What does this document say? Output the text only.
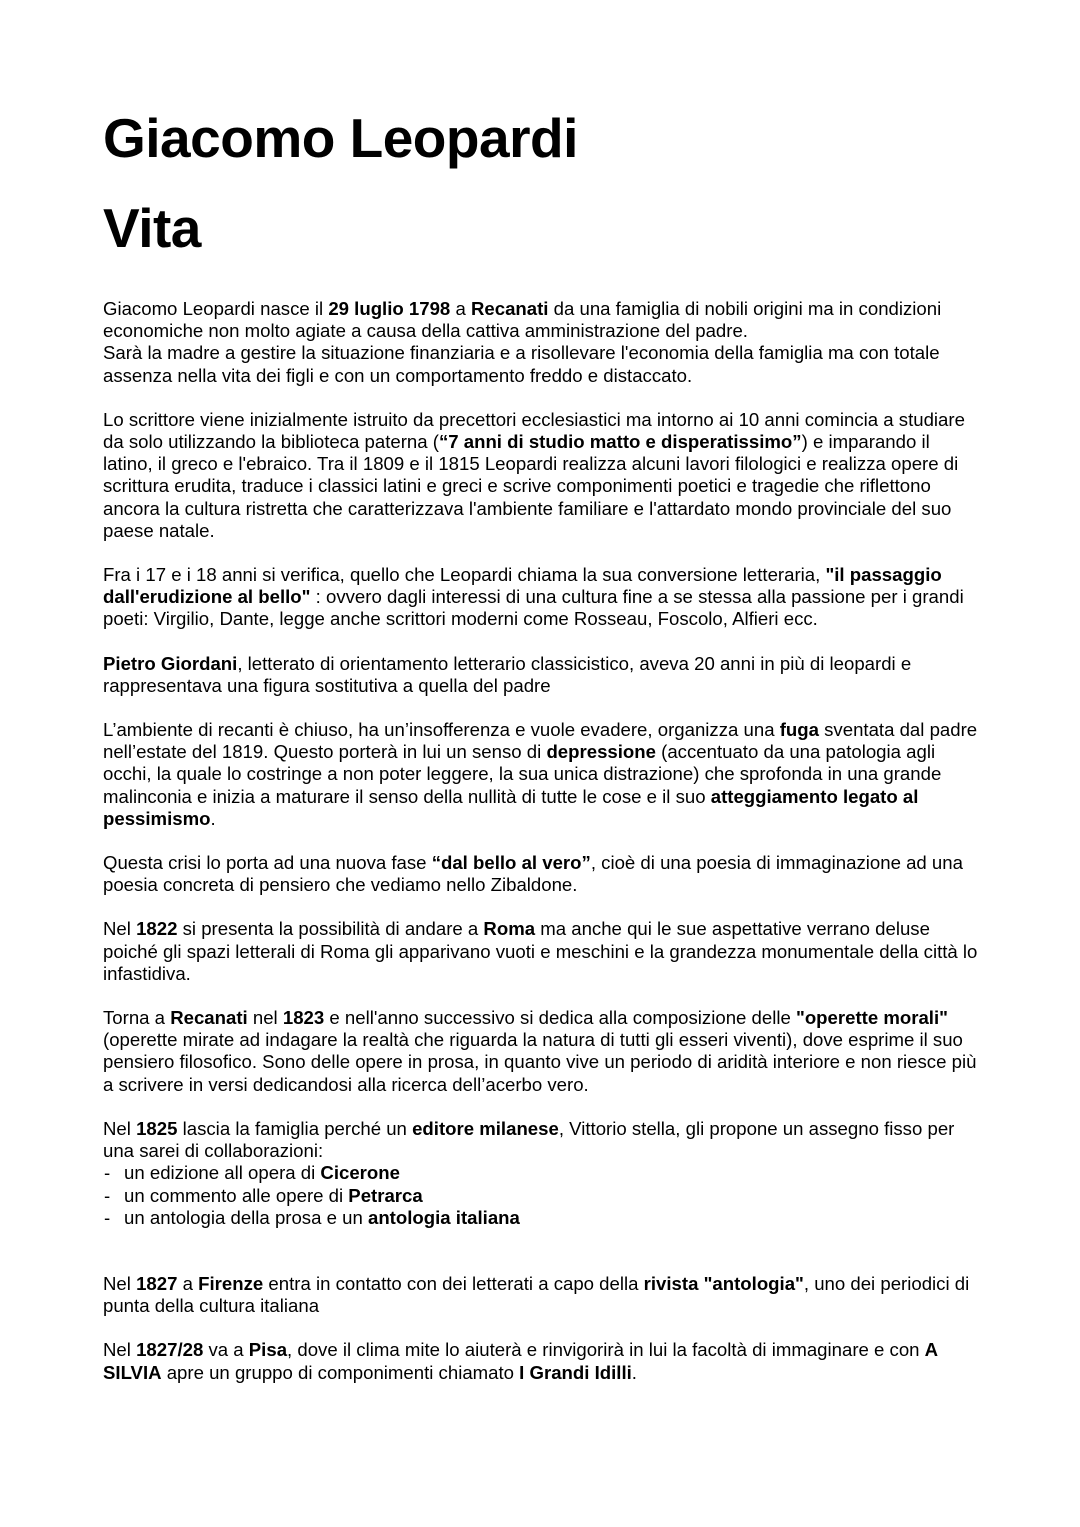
Giacomo Leopardi
Vita

Giacomo Leopardi nasce il 29 luglio 1798 a Recanati da una famiglia di nobili origini ma in condizioni economiche non molto agiate a causa della cattiva amministrazione del padre.
Sarà la madre a gestire la situazione finanziaria e a risollevare l'economia della famiglia ma con totale assenza nella vita dei figli e con un comportamento freddo e distaccato.

Lo scrittore viene inizialmente istruito da precettori ecclesiastici ma intorno ai 10 anni comincia a studiare da solo utilizzando la biblioteca paterna (“7 anni di studio matto e disperatissimo”) e imparando il latino, il greco e l'ebraico. Tra il 1809 e il 1815 Leopardi realizza alcuni lavori filologici e realizza opere di scrittura erudita, traduce i classici latini e greci e scrive componimenti poetici e tragedie che riflettono ancora la cultura ristretta che caratterizzava l'ambiente familiare e l'attardato mondo provinciale del suo paese natale.

Fra i 17 e i 18 anni si verifica, quello che Leopardi chiama la sua conversione letteraria, "il passaggio dall'erudizione al bello" : ovvero dagli interessi di una cultura fine a se stessa alla passione per i grandi poeti: Virgilio, Dante, legge anche scrittori moderni come Rosseau, Foscolo, Alfieri ecc.

Pietro Giordani, letterato di orientamento letterario classicistico, aveva 20 anni in più di leopardi e rappresentava una figura sostitutiva a quella del padre

L’ambiente di recanti è chiuso, ha un’insofferenza e vuole evadere, organizza una fuga sventata dal padre nell’estate del 1819. Questo porterà in lui un senso di depressione (accentuato da una patologia agli occhi, la quale lo costringe a non poter leggere, la sua unica distrazione) che sprofonda in una grande malinconia e inizia a maturare il senso della nullità di tutte le cose e il suo atteggiamento legato al pessimismo.

Questa crisi lo porta ad una nuova fase “dal bello al vero”, cioè di una poesia di immaginazione ad una poesia concreta di pensiero che vediamo nello Zibaldone.

Nel 1822 si presenta la possibilità di andare a Roma ma anche qui le sue aspettative verrano deluse poiché gli spazi letterali di Roma gli apparivano vuoti e meschini e la grandezza monumentale della città lo infastidiva.

Torna a Recanati nel 1823 e nell'anno successivo si dedica alla composizione delle "operette morali" (operette mirate ad indagare la realtà che riguarda la natura di tutti gli esseri viventi), dove esprime il suo pensiero filosofico. Sono delle opere in prosa, in quanto vive un periodo di aridità interiore e non riesce più a scrivere in versi dedicandosi alla ricerca dell’acerbo vero.

Nel 1825 lascia la famiglia perché un editore milanese, Vittorio stella, gli propone un assegno fisso per una sarei di collaborazioni:

- un edizione all opera di Cicerone
- un commento alle opere di Petrarca
- un antologia della prosa e un antologia italiana

Nel 1827 a Firenze entra in contatto con dei letterati a capo della rivista "antologia", uno dei periodici di punta della cultura italiana

Nel 1827/28 va a Pisa, dove il clima mite lo aiuterà e rinvigorirà in lui la facoltà di immaginare e con A SILVIA apre un gruppo di componimenti chiamato I Grandi Idilli.
